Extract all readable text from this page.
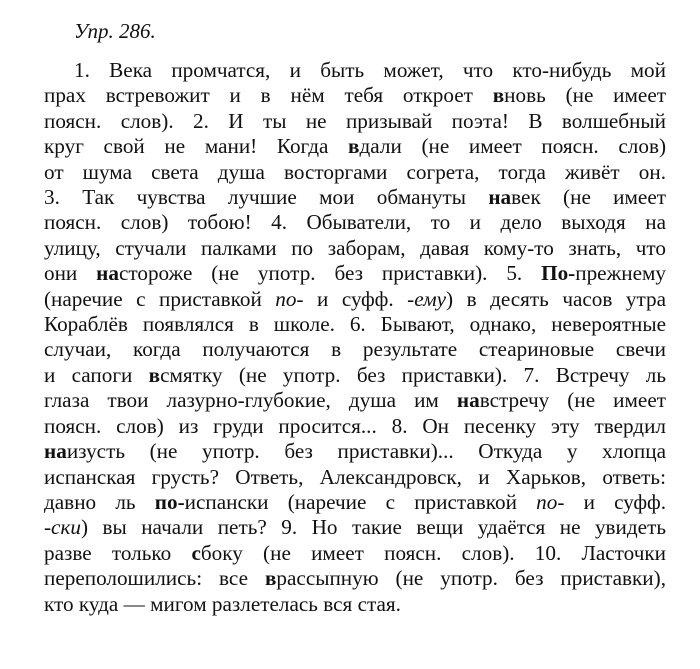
Упр. 286.
1. Века промчатся, и быть может, что кто-нибудь мой
прах встревожит и в нём тебя откроет вновь (не имеет
поясн. слов). 2. И ты не призывай поэта! В волшебный
круг свой не мани! Когда вдали (не имеет поясн. слов)
от шума света душа восторгами согрета, тогда живёт он.
3. Так чувства лучшие мои обмануты навек (не имеет
поясн. слов) тобою! 4. Обыватели, то и дело выходя на
улицу, стучали палками по заборам, давая кому-то знать, что
они настороже (не употр. без приставки). 5. По-прежнему
(наречие с приставкой по- и суфф. -ему) в десять часов утра
Кораблёв появлялся в школе. 6. Бывают, однако, невероятные
случаи, когда получаются в результате стеариновые свечи
и сапоги всмятку (не употр. без приставки). 7. Встречу ль
глаза твои лазурно-глубокие, душа им навстречу (не имеет
поясн. слов) из груди просится... 8. Он песенку эту твердил
наизусть (не употр. без приставки)... Откуда у хлопца
испанская грусть? Ответь, Александровск, и Харьков, ответь:
давно ль по-испански (наречие с приставкой по- и суфф.
-ски) вы начали петь? 9. Но такие вещи удаётся не увидеть
разве только сбоку (не имеет поясн. слов). 10. Ласточки
переполошились: все врассыпную (не употр. без приставки),
кто куда — мигом разлетелась вся стая.
